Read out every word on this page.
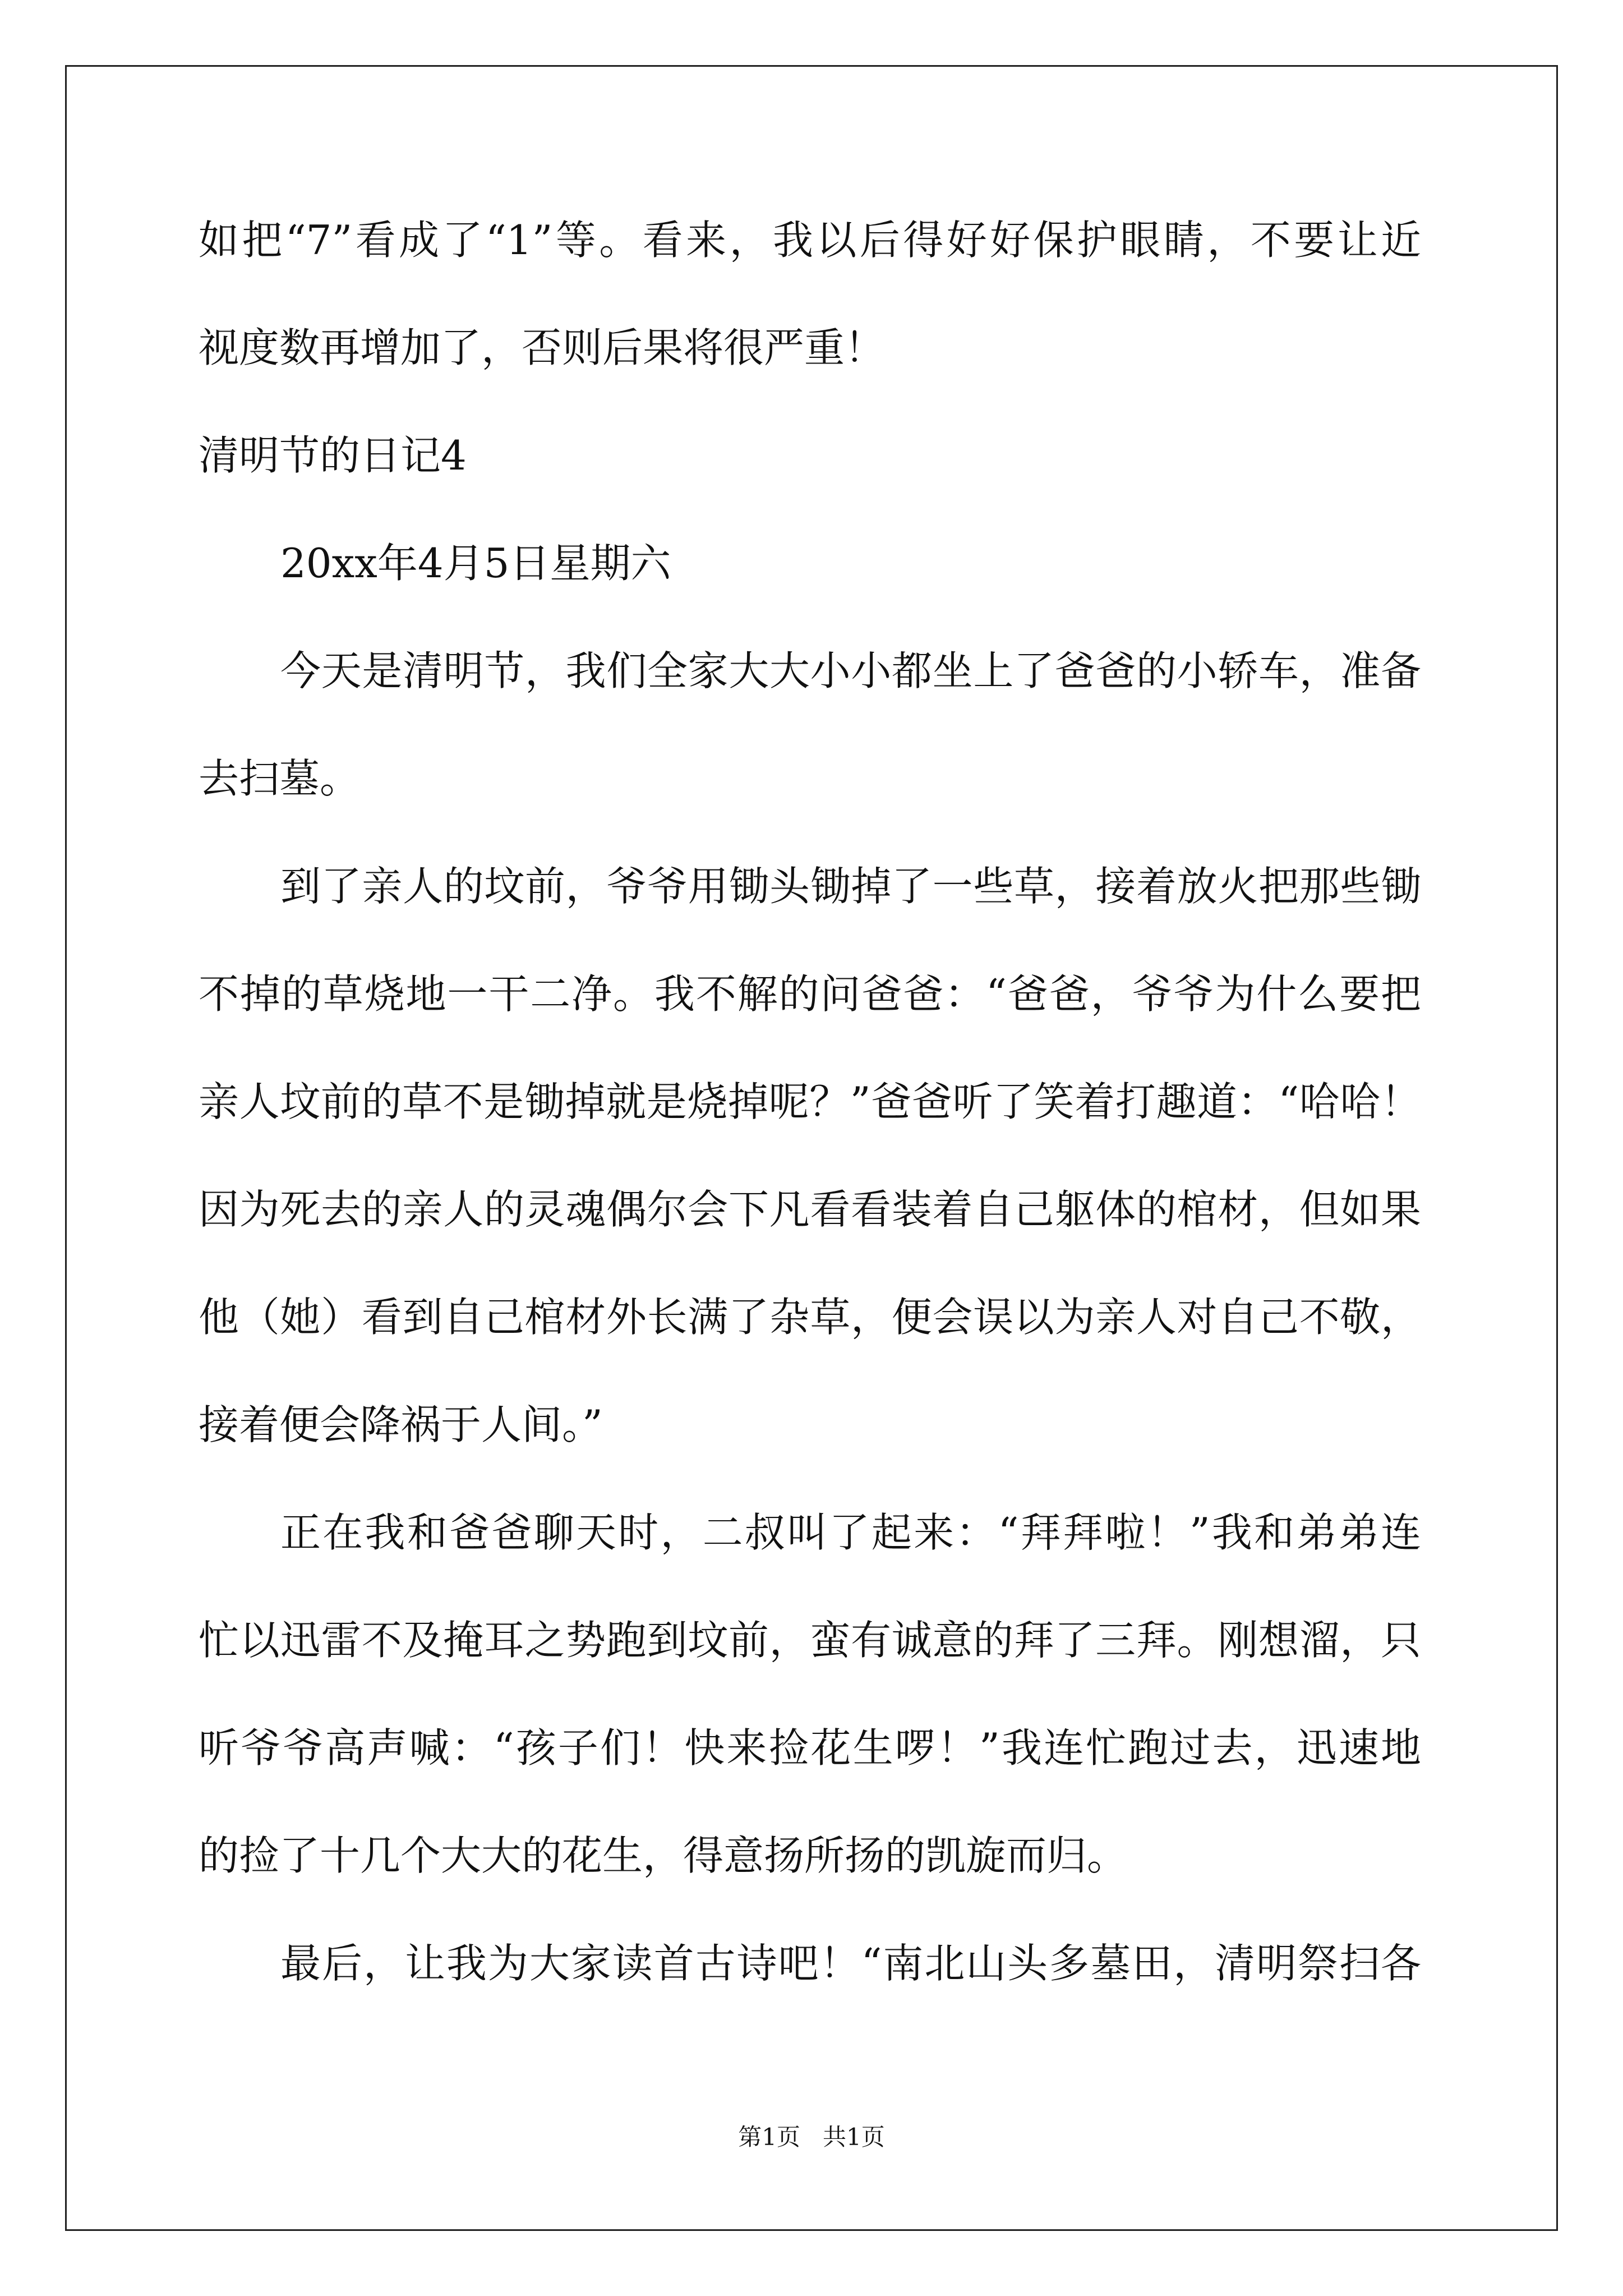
如把“7”看成了“1”等。看来，我以后得好好保护眼睛，不要让近
视度数再增加了，否则后果将很严重！
清明节的日记4
20xx年4月5日星期六
今天是清明节，我们全家大大小小都坐上了爸爸的小轿车，准备
去扫墓。
到了亲人的坟前，爷爷用锄头锄掉了一些草，接着放火把那些锄
不掉的草烧地一干二净。我不解的问爸爸：“爸爸，爷爷为什么要把
亲人坟前的草不是锄掉就是烧掉呢？”爸爸听了笑着打趣道：“哈哈！
因为死去的亲人的灵魂偶尔会下凡看看装着自己躯体的棺材，但如果
他（她）看到自己棺材外长满了杂草，便会误以为亲人对自己不敬，
接着便会降祸于人间。”
正在我和爸爸聊天时，二叔叫了起来：“拜拜啦！”我和弟弟连
忙以迅雷不及掩耳之势跑到坟前，蛮有诚意的拜了三拜。刚想溜，只
听爷爷高声喊：“孩子们！快来捡花生啰！”我连忙跑过去，迅速地
的捡了十几个大大的花生，得意扬所扬的凯旋而归。
最后，让我为大家读首古诗吧！“南北山头多墓田，清明祭扫各
第1页   共1页
